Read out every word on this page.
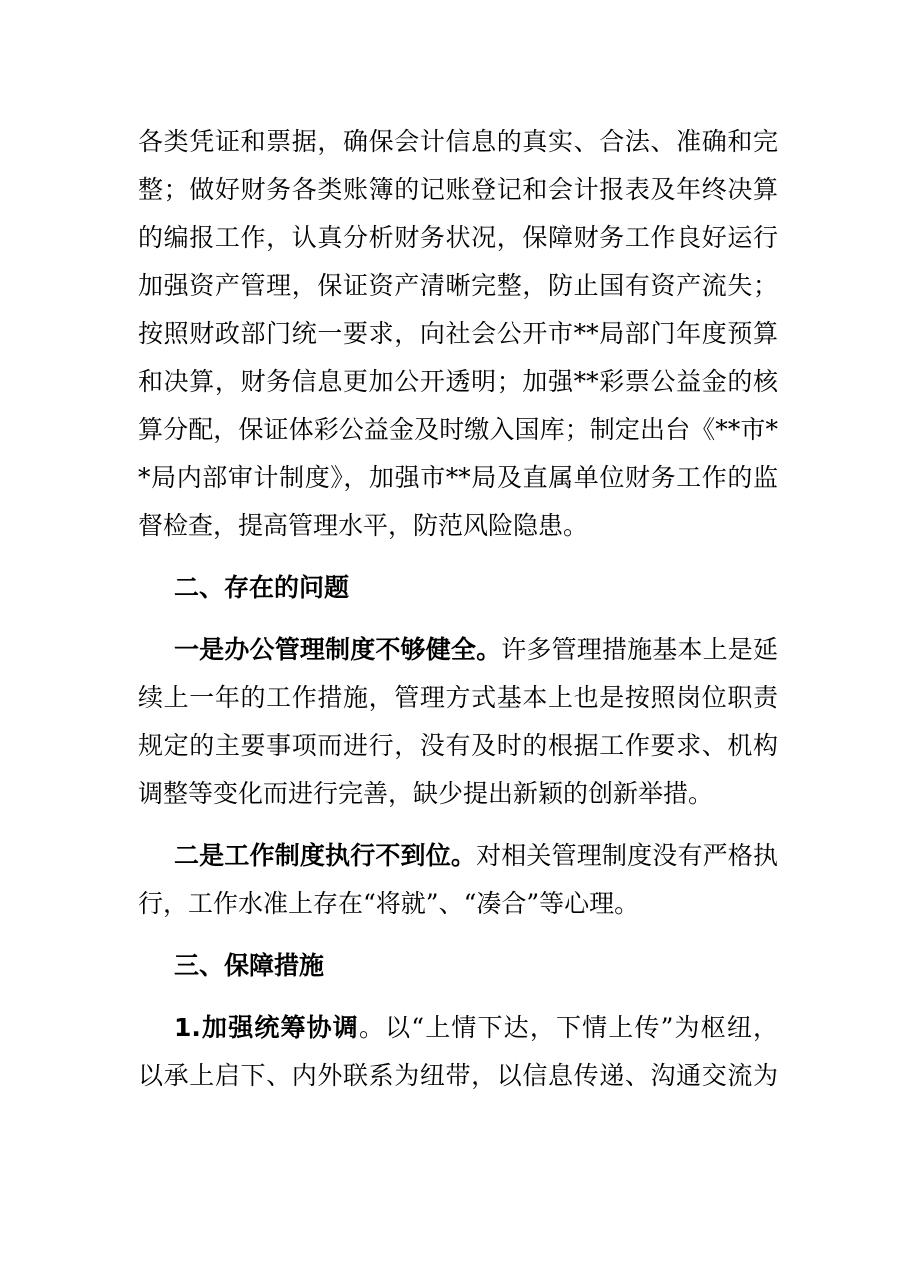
各类凭证和票据，确保会计信息的真实、合法、准确和完
整；做好财务各类账簿的记账登记和会计报表及年终决算
的编报工作，认真分析财务状况，保障财务工作良好运行
加强资产管理，保证资产清晰完整，防止国有资产流失；
按照财政部门统一要求，向社会公开市**局部门年度预算
和决算，财务信息更加公开透明；加强**彩票公益金的核
算分配，保证体彩公益金及时缴入国库；制定出台《**市*
*局内部审计制度》，加强市**局及直属单位财务工作的监
督检查，提高管理水平，防范风险隐患。
二、存在的问题
一是办公管理制度不够健全。许多管理措施基本上是延
续上一年的工作措施，管理方式基本上也是按照岗位职责
规定的主要事项而进行，没有及时的根据工作要求、机构
调整等变化而进行完善，缺少提出新颖的创新举措。
二是工作制度执行不到位。对相关管理制度没有严格执
行，工作水准上存在“将就”、“凑合”等心理。
三、保障措施
1.加强统筹协调。以“上情下达，下情上传”为枢纽，
以承上启下、内外联系为纽带，以信息传递、沟通交流为
